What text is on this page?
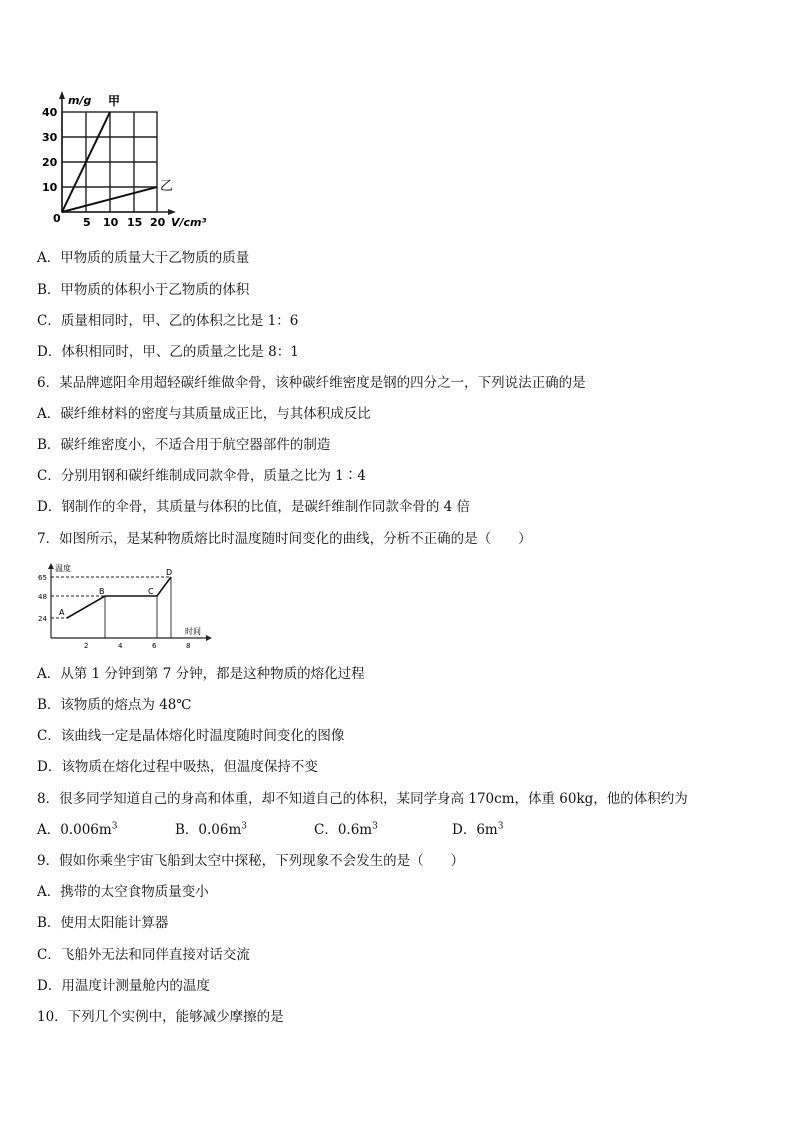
m/g 甲
乙
40
30
20
10
0 5 10 15 20 V/cm³
A．甲物质的质量大于乙物质的质量
B．甲物质的体积小于乙物质的体积
C．质量相同时，甲、乙的体积之比是 1：6
D．体积相同时，甲、乙的质量之比是 8：1
6．某品牌遮阳伞用超轻碳纤维做伞骨，该种碳纤维密度是钢的四分之一，下列说法正确的是
A．碳纤维材料的密度与其质量成正比，与其体积成反比
B．碳纤维密度小，不适合用于航空器部件的制造
C．分别用钢和碳纤维制成同款伞骨，质量之比为 1∶4
D．钢制作的伞骨，其质量与体积的比值，是碳纤维制作同款伞骨的 4 倍
7．如图所示，是某种物质熔比时温度随时间变化的曲线，分析不正确的是（　　）
温度
时间
65
48
24
2	4	6	8
A
B	C
D
A．从第 1 分钟到第 7 分钟，都是这种物质的熔化过程
B．该物质的熔点为 48℃
C．该曲线一定是晶体熔化时温度随时间变化的图像
D．该物质在熔化过程中吸热，但温度保持不变
8．很多同学知道自己的身高和体重，却不知道自己的体积，某同学身高 170cm，体重 60kg，他的体积约为
A．$0.006m^3$	B．$0.06m^3$	C．$0.6m^3$	D．$6m^3$
9．假如你乘坐宇宙飞船到太空中探秘，下列现象不会发生的是（　　）
A．携带的太空食物质量变小
B．使用太阳能计算器
C．飞船外无法和同伴直接对话交流
D．用温度计测量舱内的温度
10．下列几个实例中，能够减少摩擦的是
